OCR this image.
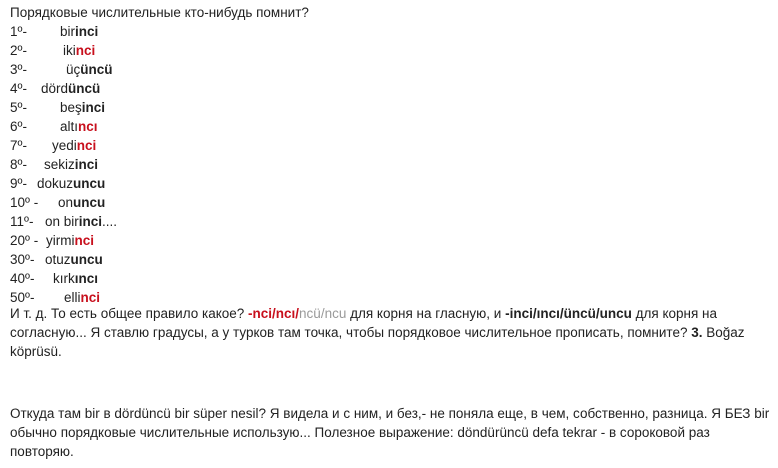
Порядковые числительные кто-нибудь помнит?
1º- birinci
2º-	ikinci
3º-	üçüncü
4º- dördüncü
5º- beşinci
6º- altıncı
7º- yedinci
8º- sekizinci
9º- dokuzuncu
10º - onuncu
11º- on birinci....
20º - yirminci
30º- otuzuncu
40º- kırkıncı
50º- ellinci
И т. д. То есть общее правило какое? -nci/ncı/ncü/ncu для корня на гласную, и -inci/ıncı/üncü/uncu для корня на согласную... Я ставлю градусы, а у турков там точка, чтобы порядковое числительное прописать, помните? 3. Boğaz köprüsü.
Откуда там bir в dördüncü bir süper nesil? Я видела и с ним, и без,- не поняла еще, в чем, собственно, разница. Я БЕЗ bir обычно порядковые числительные использую... Полезное выражение: döndürüncü defa tekrar - в сороковой раз повторяю.
